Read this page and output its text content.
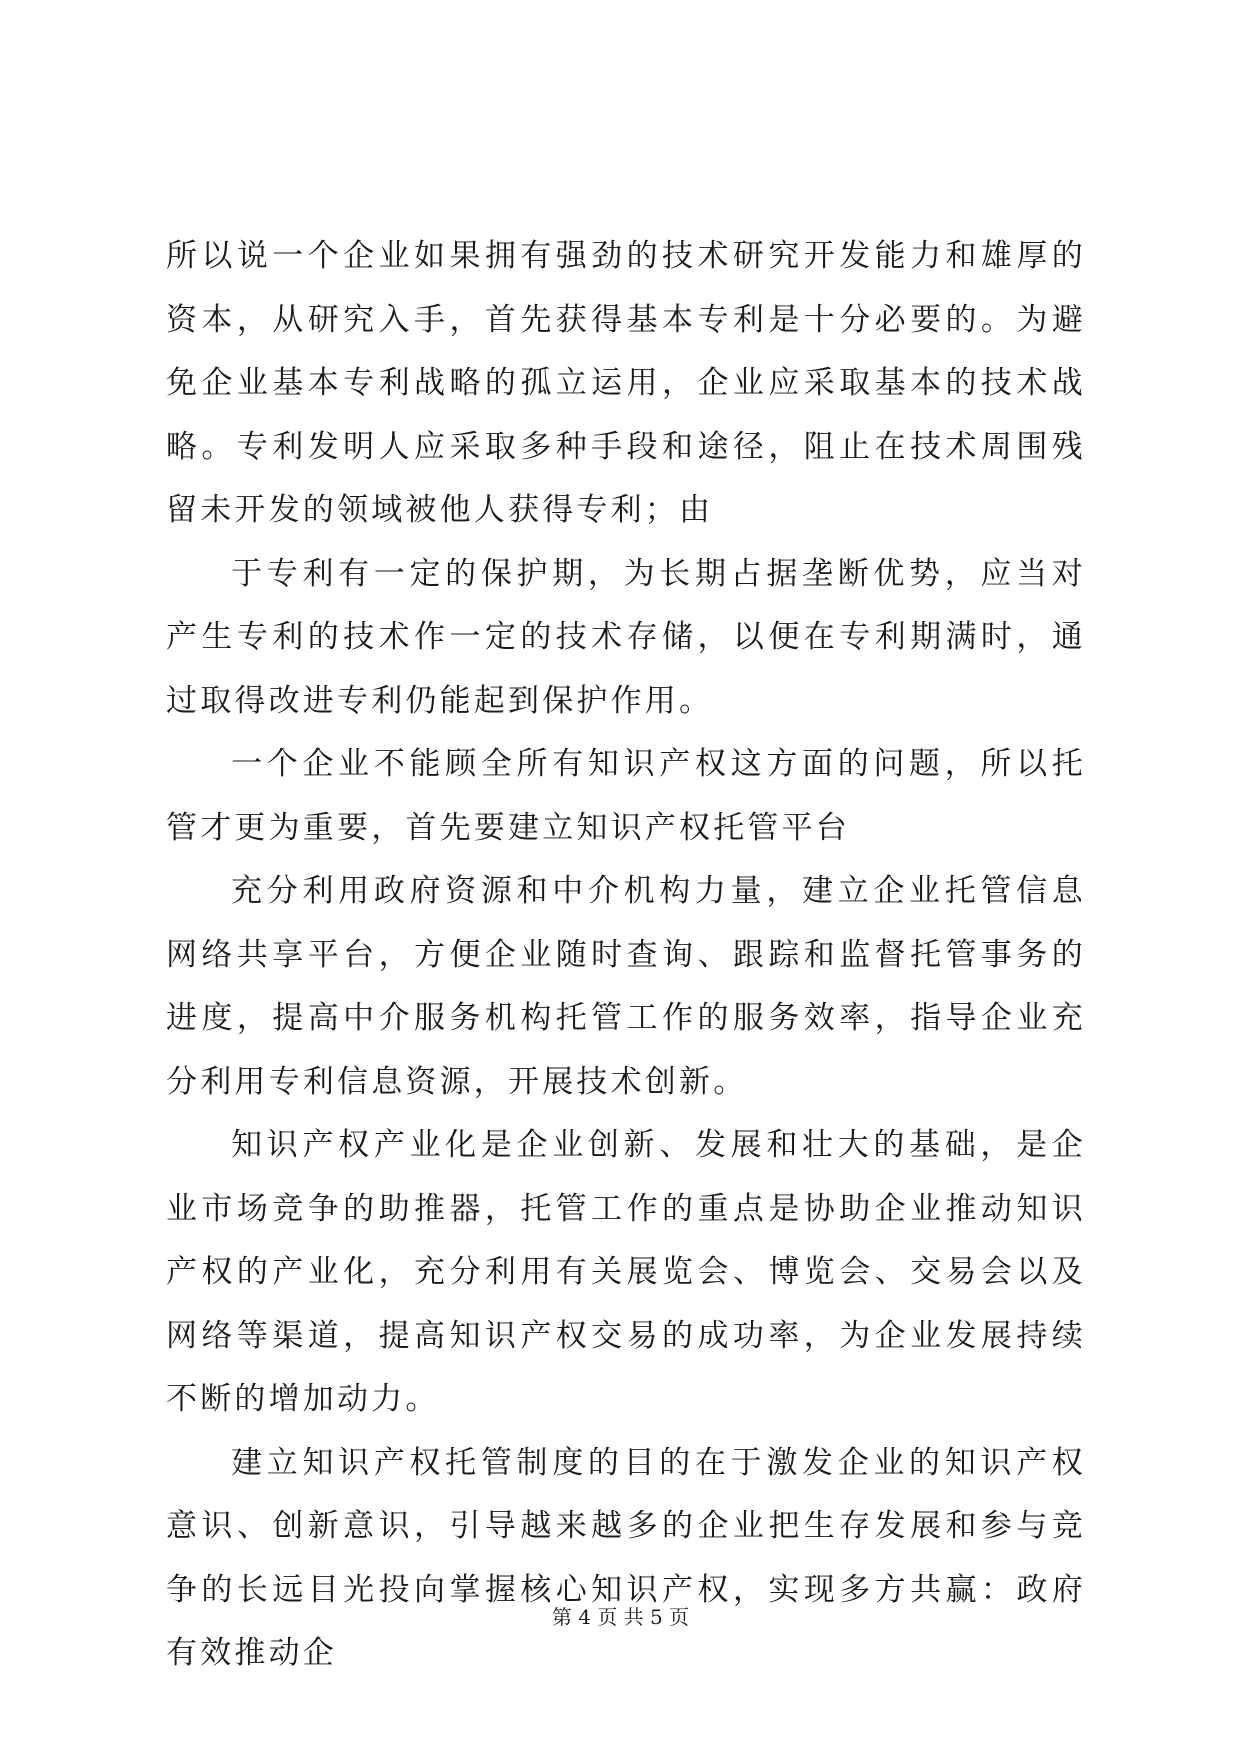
所以说一个企业如果拥有强劲的技术研究开发能力和雄厚的资本，从研究入手，首先获得基本专利是十分必要的。为避免企业基本专利战略的孤立运用，企业应采取基本的技术战略。专利发明人应采取多种手段和途径，阻止在技术周围残留未开发的领域被他人获得专利；由

于专利有一定的保护期，为长期占据垄断优势，应当对产生专利的技术作一定的技术存储，以便在专利期满时，通过取得改进专利仍能起到保护作用。

一个企业不能顾全所有知识产权这方面的问题，所以托管才更为重要，首先要建立知识产权托管平台

充分利用政府资源和中介机构力量，建立企业托管信息网络共享平台，方便企业随时查询、跟踪和监督托管事务的进度，提高中介服务机构托管工作的服务效率，指导企业充分利用专利信息资源，开展技术创新。

知识产权产业化是企业创新、发展和壮大的基础，是企业市场竞争的助推器，托管工作的重点是协助企业推动知识产权的产业化，充分利用有关展览会、博览会、交易会以及网络等渠道，提高知识产权交易的成功率，为企业发展持续不断的增加动力。

建立知识产权托管制度的目的在于激发企业的知识产权意识、创新意识，引导越来越多的企业把生存发展和参与竞争的长远目光投向掌握核心知识产权，实现多方共赢：政府有效推动企

第 4 页 共 5 页
